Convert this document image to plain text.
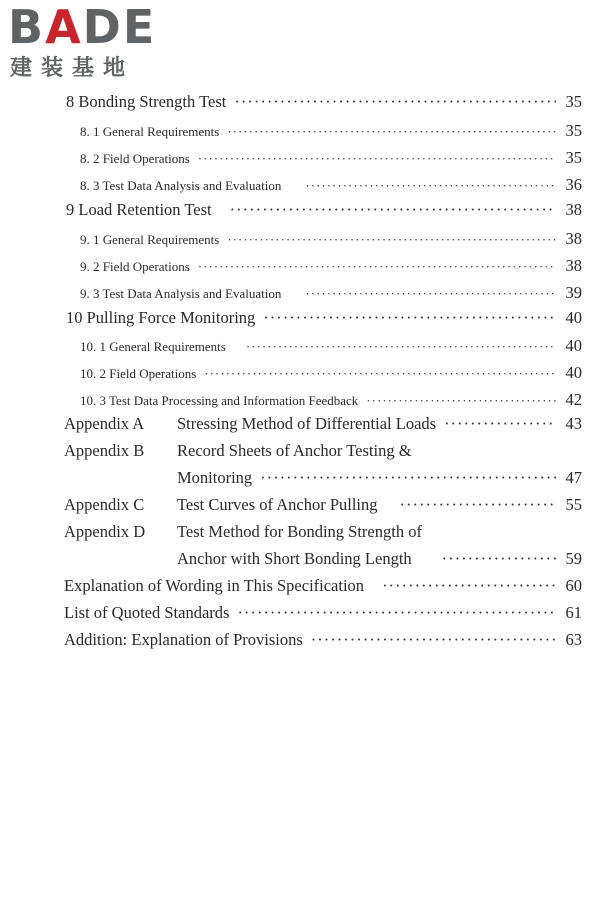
BADE
建装基地
8 Bonding Strength Test ·····	35
8. 1 General Requirements ·····	35
8. 2 Field Operations ·····	35
8. 3 Test Data Analysis and Evaluation ·····	36
9 Load Retention Test ·····	38
9. 1 General Requirements ·····	38
9. 2 Field Operations ·····	38
9. 3 Test Data Analysis and Evaluation ·····	39
10 Pulling Force Monitoring ·····	40
10. 1 General Requirements ·····	40
10. 2 Field Operations ·····	40
10. 3 Test Data Processing and Information Feedback ·····	42
Appendix A Stressing Method of Differential Loads ·····	43
Appendix B Record Sheets of Anchor Testing &
Monitoring ·····	47
Appendix C Test Curves of Anchor Pulling ·····	55
Appendix D Test Method for Bonding Strength of
Anchor with Short Bonding Length ·····	59
Explanation of Wording in This Specification ·····	60
List of Quoted Standards ·····	61
Addition: Explanation of Provisions ·····	63
